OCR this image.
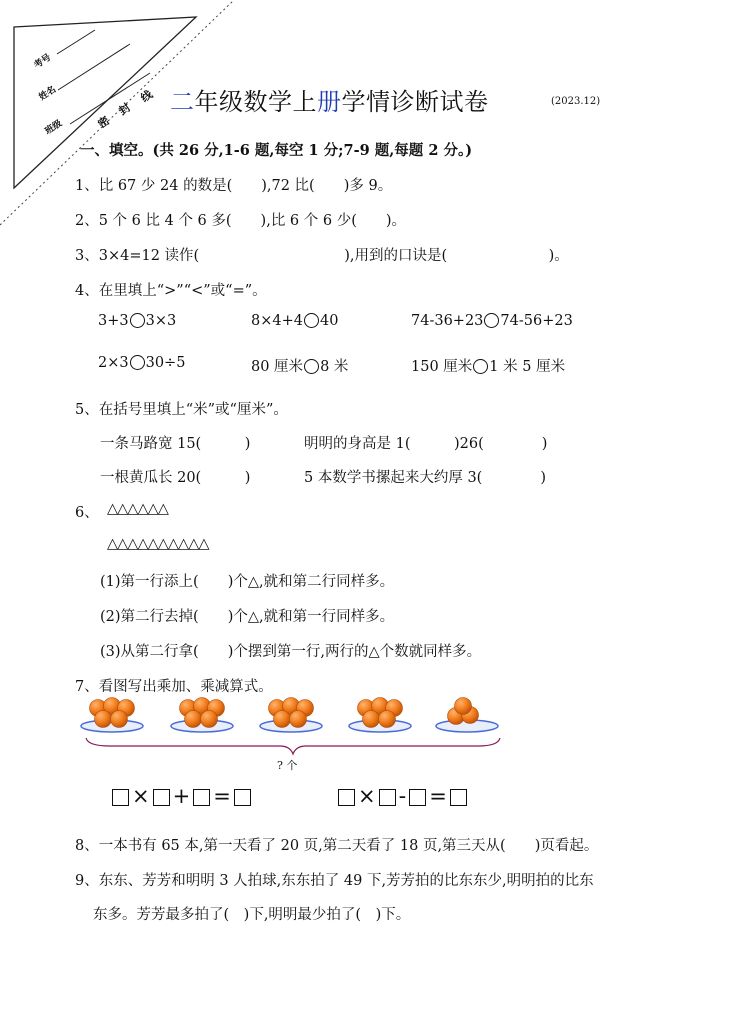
考号
姓名
班级	密
封
线 二年级数学上册学情诊断试卷	(2023.12)
一、填空。(共 26 分,1-6 题,每空 1 分;7-9 题,每题 2 分。)
1、比 67 少 24 的数是(　　),72 比(　　)多 9。
2、5 个 6 比 4 个 6 多(　　),比 6 个 6 少(　　)。
3、3×4=12 读作(　　　　　　　　　　),用到的口诀是(　　　　　　　)。
4、在里填上“>”“<”或“=”。
3+3 3×3	8×4+4 40	74-36+23 74-56+23
2×3 30÷5	80 厘米 8 米	150 厘米 1 米 5 厘米
5、在括号里填上“米”或“厘米”。
一条马路宽 15(　　　)	明明的身高是 1(　　　)26(　　　　)
一根黄瓜长 20(　　　)	5 本数学书摞起来大约厚 3(　　　　)
6、 △△△△△△
△△△△△△△△△△
(1)第一行添上(　　)个△,就和第二行同样多。
(2)第二行去掉(　　)个△,就和第一行同样多。
(3)从第二行拿(　　)个摆到第一行,两行的△个数就同样多。
7、看图写出乘加、乘减算式。
? 个
× + =	× - =
8、一本书有 65 本,第一天看了 20 页,第二天看了 18 页,第三天从(　　)页看起。
9、东东、芳芳和明明 3 人拍球,东东拍了 49 下,芳芳拍的比东东少,明明拍的比东
东多。芳芳最多拍了(　)下,明明最少拍了(　)下。
